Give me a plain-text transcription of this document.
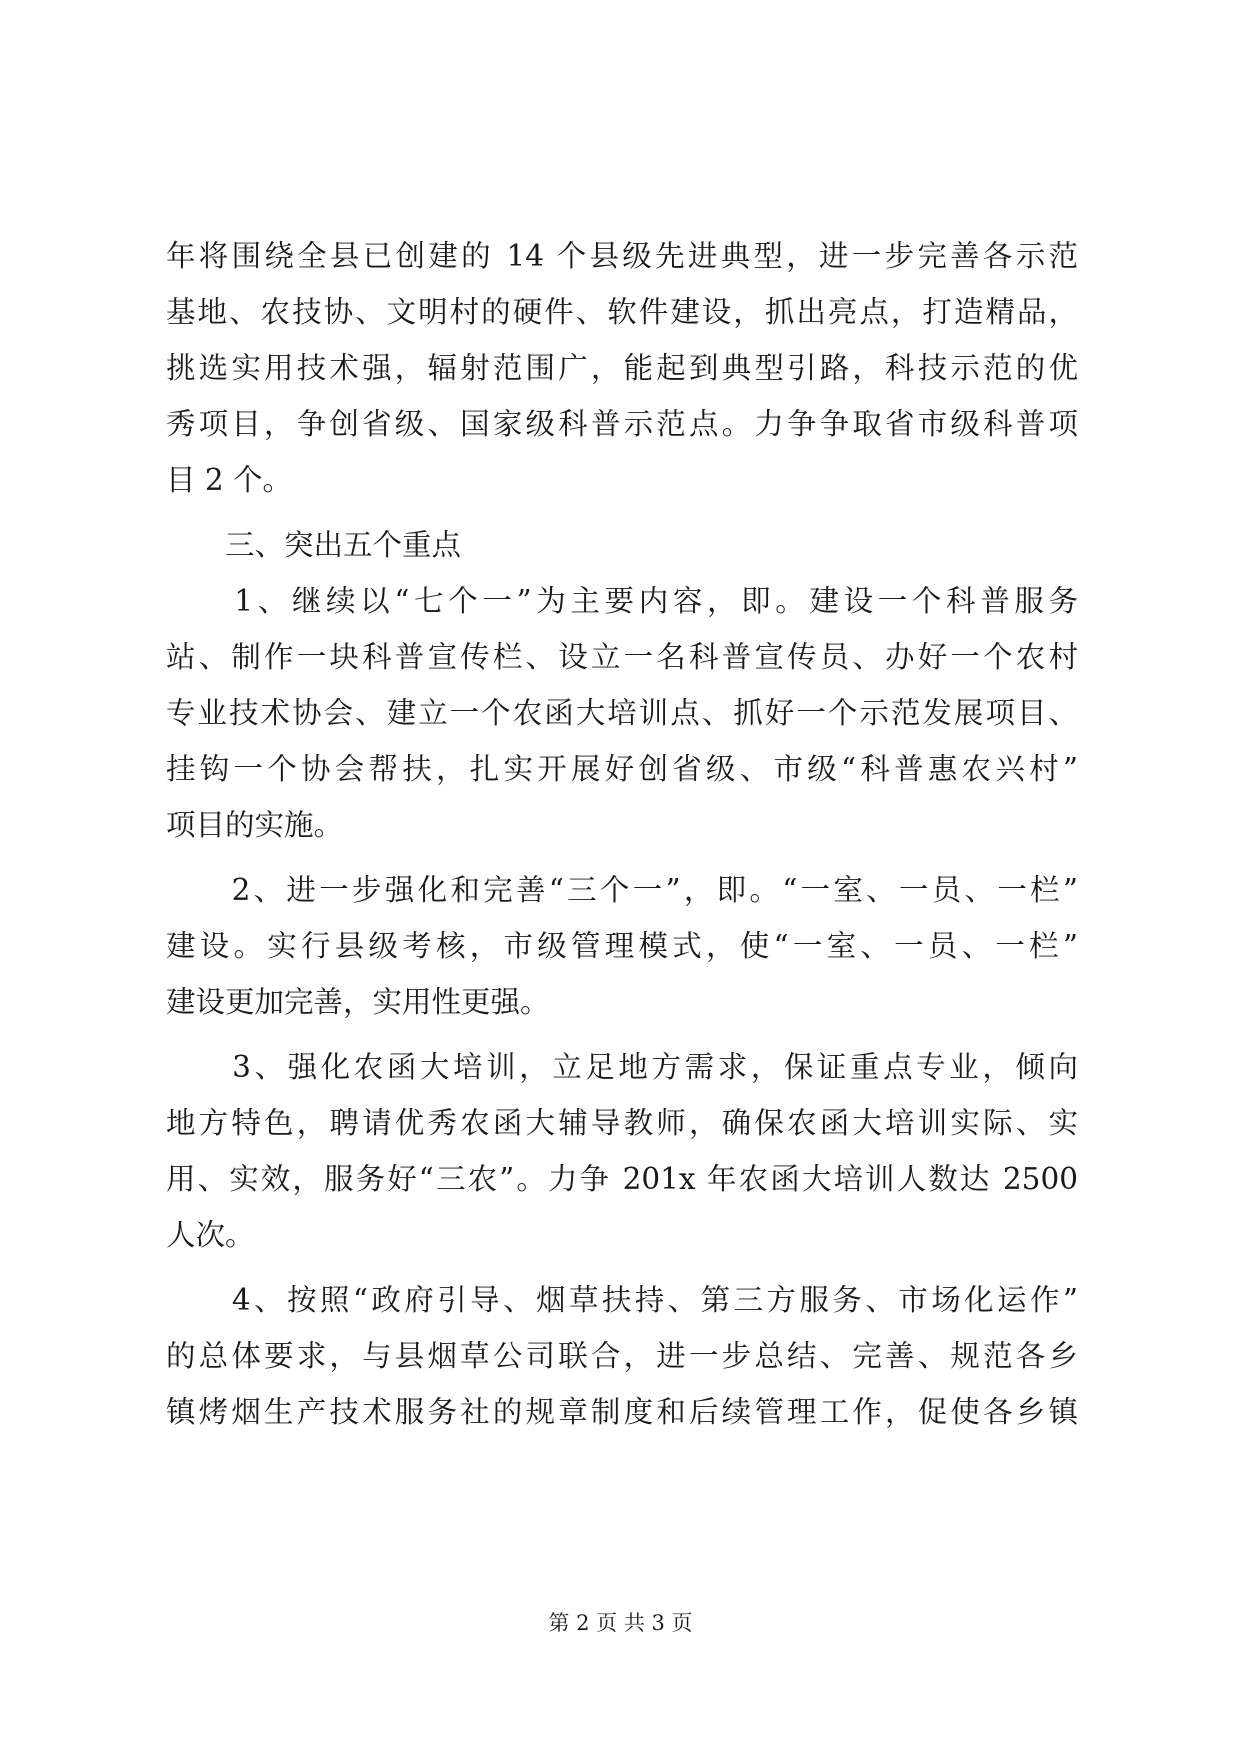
年将围绕全县已创建的 14 个县级先进典型，进一步完善各示范
基地、农技协、文明村的硬件、软件建设，抓出亮点，打造精品，
挑选实用技术强，辐射范围广，能起到典型引路，科技示范的优
秀项目，争创省级、国家级科普示范点。力争争取省市级科普项
目 2 个。
　　三、突出五个重点
　　1、继续以“七个一”为主要内容，即。建设一个科普服务
站、制作一块科普宣传栏、设立一名科普宣传员、办好一个农村
专业技术协会、建立一个农函大培训点、抓好一个示范发展项目、
挂钩一个协会帮扶，扎实开展好创省级、市级“科普惠农兴村”
项目的实施。
　　2、进一步强化和完善“三个一”，即。“一室、一员、一栏”
建设。实行县级考核，市级管理模式，使“一室、一员、一栏”
建设更加完善，实用性更强。
　　3、强化农函大培训，立足地方需求，保证重点专业，倾向
地方特色，聘请优秀农函大辅导教师，确保农函大培训实际、实
用、实效，服务好“三农”。力争 201x 年农函大培训人数达 2500
人次。
　　4、按照“政府引导、烟草扶持、第三方服务、市场化运作”
的总体要求，与县烟草公司联合，进一步总结、完善、规范各乡
镇烤烟生产技术服务社的规章制度和后续管理工作，促使各乡镇
第 2 页 共 3 页
